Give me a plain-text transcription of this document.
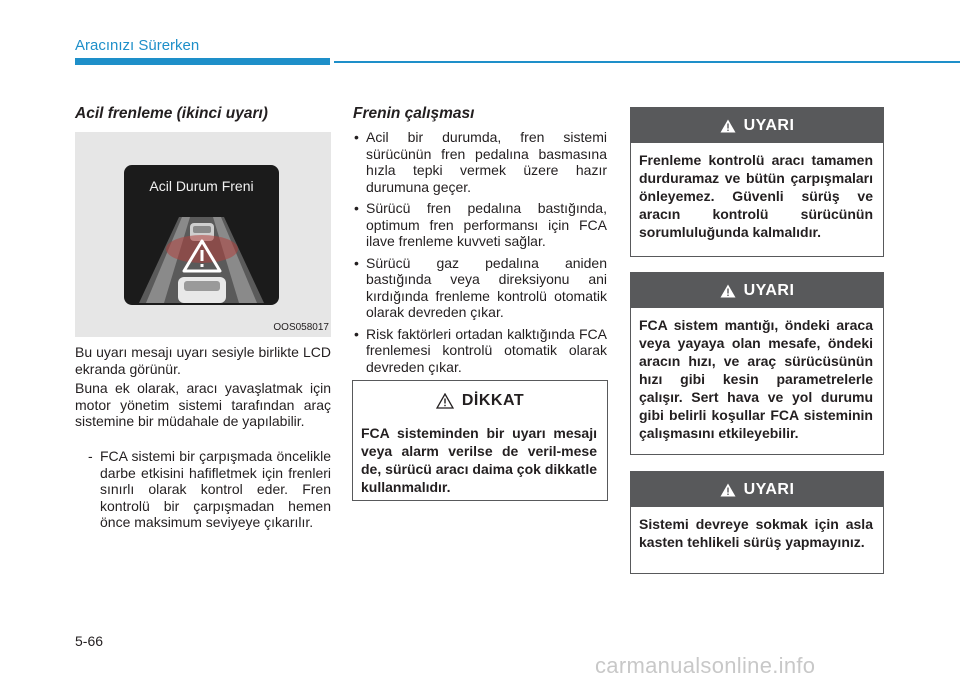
Aracınızı Sürerken
Acil frenleme (ikinci uyarı)
Acil Durum Freni
OOS058017
Bu uyarı mesajı uyarı sesiyle birlikte LCD ekranda görünür.
Buna ek olarak, aracı yavaşlatmak için motor yönetim sistemi tarafından araç sistemine bir müdahale de yapılabilir.
- FCA sistemi bir çarpışmada öncelikle darbe etkisini hafifletmek için frenleri sınırlı olarak kontrol eder. Fren kontrolü bir çarpışmadan hemen önce maksimum seviyeye çıkarılır.
Frenin çalışması
• Acil bir durumda, fren sistemi sürücünün fren pedalına basmasına hızla tepki vermek üzere hazır durumuna geçer.
• Sürücü fren pedalına bastığında, optimum fren performansı için FCA ilave frenleme kuvveti sağlar.
• Sürücü gaz pedalına aniden bastığında veya direksiyonu ani kırdığında frenleme kontrolü otomatik olarak devreden çıkar.
• Risk faktörleri ortadan kalktığında FCA frenlemesi kontrolü otomatik olarak devreden çıkar.
DİKKAT
FCA sisteminden bir uyarı mesajı veya alarm verilse de veril-mese de, sürücü aracı daima çok dikkatle kullanmalıdır.
UYARI
Frenleme kontrolü aracı tamamen durduramaz ve bütün çarpışmaları önleyemez. Güvenli sürüş ve aracın kontrolü sürücünün sorumluluğunda kalmalıdır.
UYARI
FCA sistem mantığı, öndeki araca veya yayaya olan mesafe, öndeki aracın hızı, ve araç sürücüsünün hızı gibi kesin parametrelerle çalışır. Sert hava ve yol durumu gibi belirli koşullar FCA sisteminin çalışmasını etkileyebilir.
UYARI
Sistemi devreye sokmak için asla kasten tehlikeli sürüş yapmayınız.
5-66
carmanualsonline.info
